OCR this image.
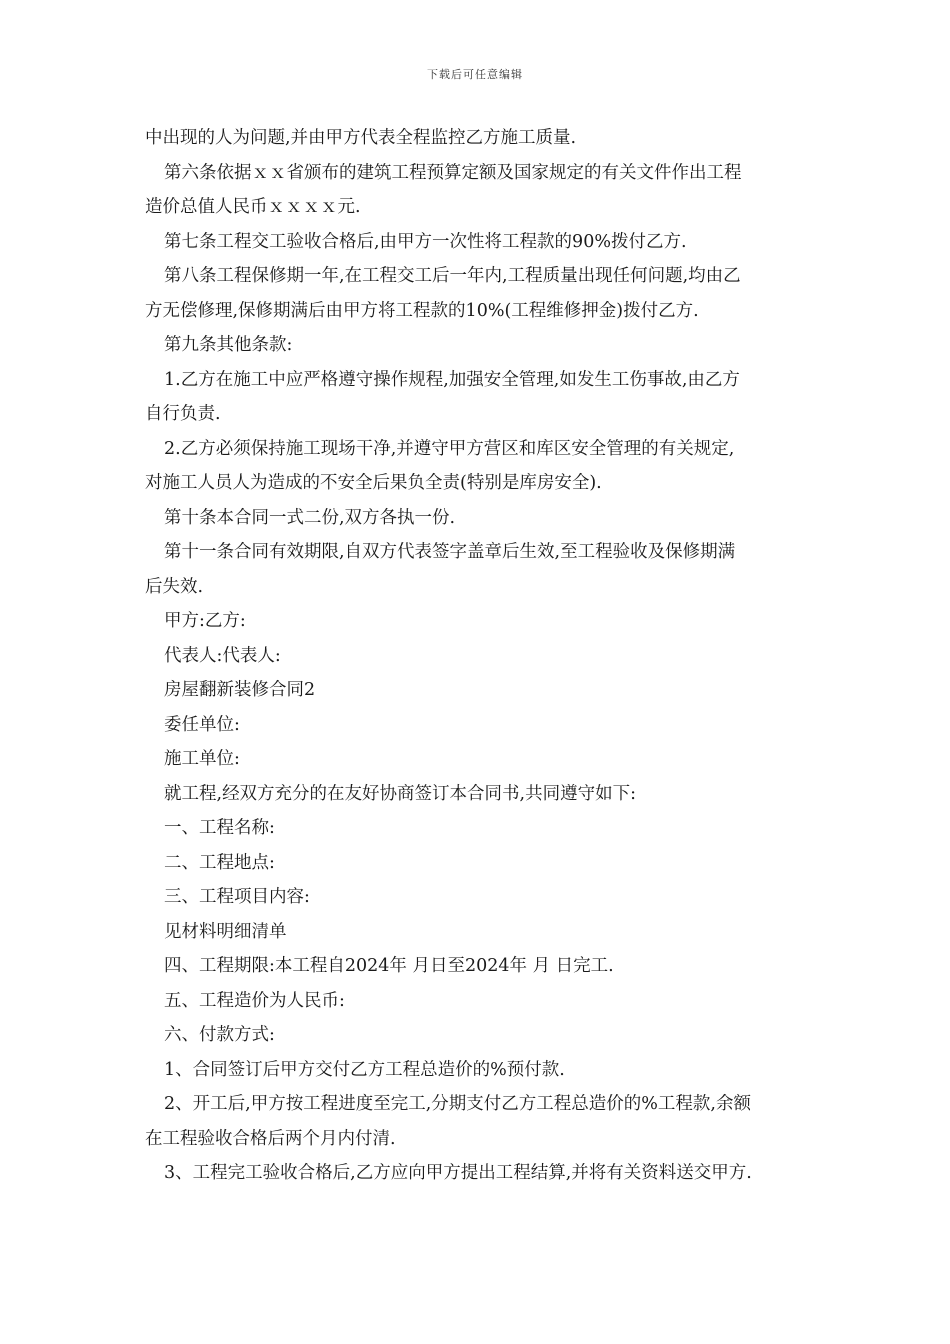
下载后可任意编辑
中出现的人为问题,并由甲方代表全程监控乙方施工质量.
第六条依据ｘｘ省颁布的建筑工程预算定额及国家规定的有关文件作出工程
造价总值人民币ｘｘｘｘ元.
第七条工程交工验收合格后,由甲方一次性将工程款的90%拨付乙方.
第八条工程保修期一年,在工程交工后一年内,工程质量出现任何问题,均由乙
方无偿修理,保修期满后由甲方将工程款的10%(工程维修押金)拨付乙方.
第九条其他条款:
1.乙方在施工中应严格遵守操作规程,加强安全管理,如发生工伤事故,由乙方
自行负责.
2.乙方必须保持施工现场干净,并遵守甲方营区和库区安全管理的有关规定,
对施工人员人为造成的不安全后果负全责(特别是库房安全).
第十条本合同一式二份,双方各执一份.
第十一条合同有效期限,自双方代表签字盖章后生效,至工程验收及保修期满
后失效.
甲方:乙方:
代表人:代表人:
房屋翻新装修合同2
委任单位:
施工单位:
就工程,经双方充分的在友好协商签订本合同书,共同遵守如下:
一、工程名称:
二、工程地点:
三、工程项目内容:
见材料明细清单
四、工程期限:本工程自2024年 月日至2024年 月 日完工.
五、工程造价为人民币:
六、付款方式:
1、合同签订后甲方交付乙方工程总造价的%预付款.
2、开工后,甲方按工程进度至完工,分期支付乙方工程总造价的%工程款,余额
在工程验收合格后两个月内付清.
3、工程完工验收合格后,乙方应向甲方提出工程结算,并将有关资料送交甲方.
